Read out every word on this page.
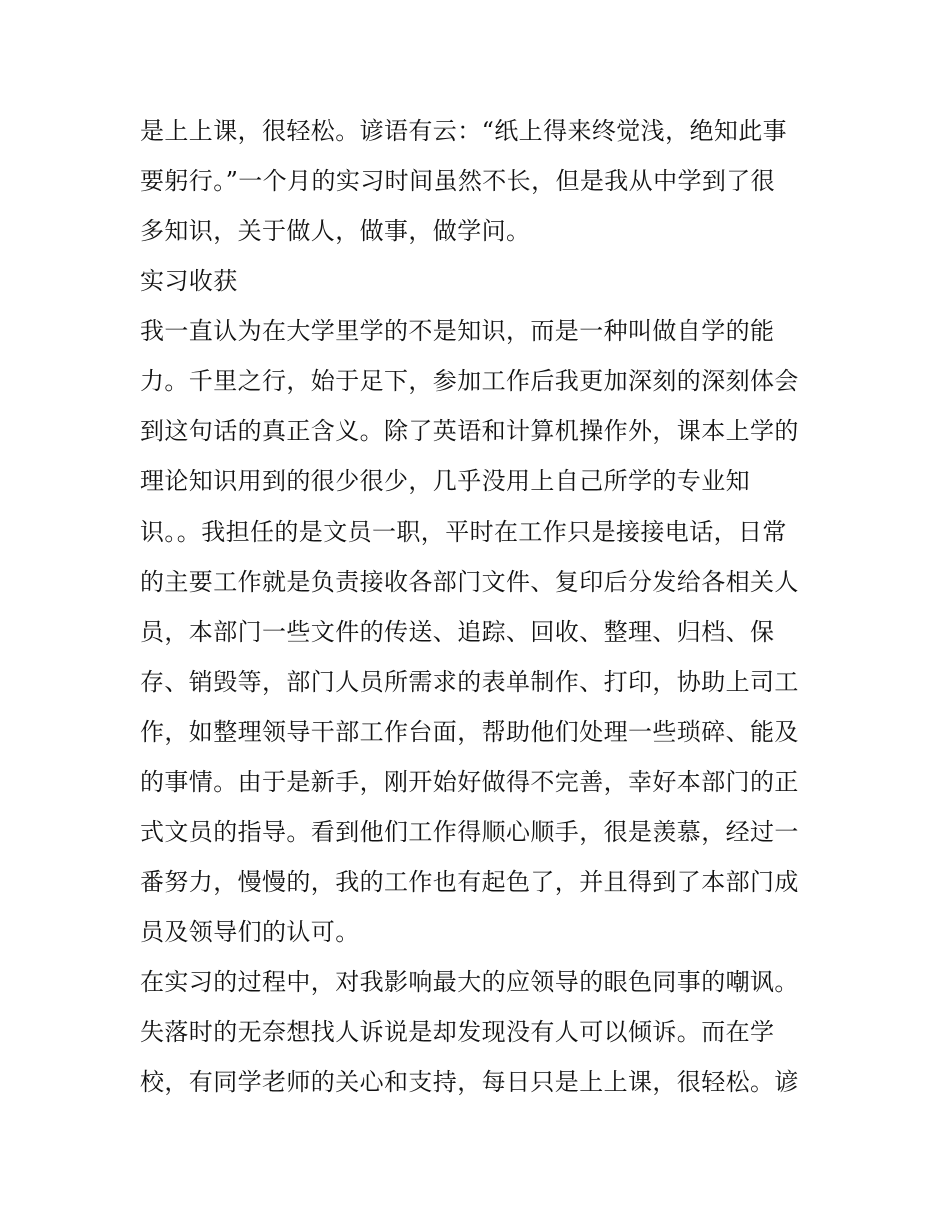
是上上课，很轻松。谚语有云：“纸上得来终觉浅，绝知此事
要躬行。”一个月的实习时间虽然不长，但是我从中学到了很
多知识，关于做人，做事，做学问。
实习收获
我一直认为在大学里学的不是知识，而是一种叫做自学的能
力。千里之行，始于足下，参加工作后我更加深刻的深刻体会
到这句话的真正含义。除了英语和计算机操作外，课本上学的
理论知识用到的很少很少，几乎没用上自己所学的专业知
识。。我担任的是文员一职，平时在工作只是接接电话，日常
的主要工作就是负责接收各部门文件、复印后分发给各相关人
员，本部门一些文件的传送、追踪、回收、整理、归档、保
存、销毁等，部门人员所需求的表单制作、打印，协助上司工
作，如整理领导干部工作台面，帮助他们处理一些琐碎、能及
的事情。由于是新手，刚开始好做得不完善，幸好本部门的正
式文员的指导。看到他们工作得顺心顺手，很是羡慕，经过一
番努力，慢慢的，我的工作也有起色了，并且得到了本部门成
员及领导们的认可。
在实习的过程中，对我影响最大的应领导的眼色同事的嘲讽。
失落时的无奈想找人诉说是却发现没有人可以倾诉。而在学
校，有同学老师的关心和支持，每日只是上上课，很轻松。谚
